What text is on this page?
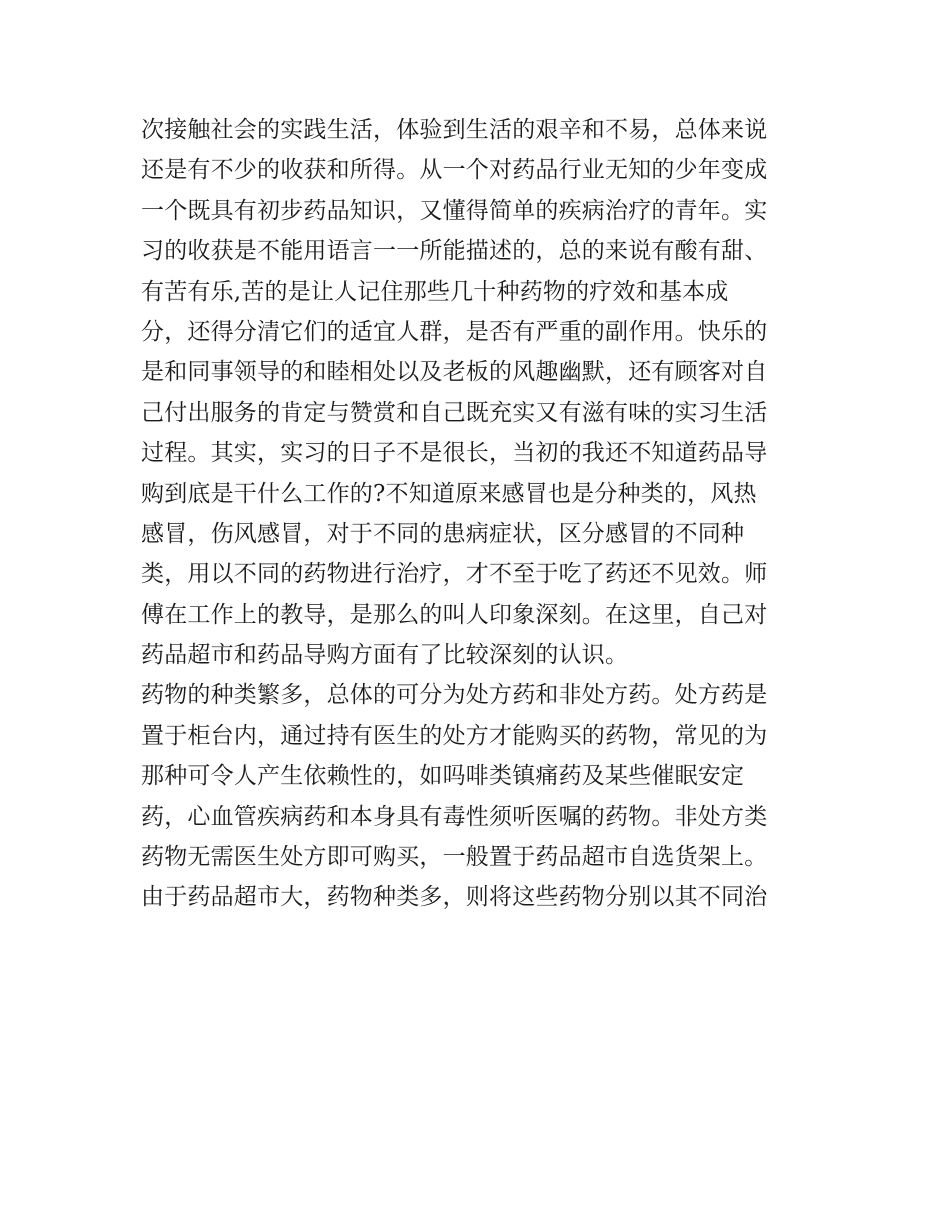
次接触社会的实践生活，体验到生活的艰辛和不易，总体来说
还是有不少的收获和所得。从一个对药品行业无知的少年变成
一个既具有初步药品知识，又懂得简单的疾病治疗的青年。实
习的收获是不能用语言一一所能描述的，总的来说有酸有甜、
有苦有乐,苦的是让人记住那些几十种药物的疗效和基本成
分，还得分清它们的适宜人群，是否有严重的副作用。快乐的
是和同事领导的和睦相处以及老板的风趣幽默，还有顾客对自
己付出服务的肯定与赞赏和自己既充实又有滋有味的实习生活
过程。其实，实习的日子不是很长，当初的我还不知道药品导
购到底是干什么工作的?不知道原来感冒也是分种类的，风热
感冒，伤风感冒，对于不同的患病症状，区分感冒的不同种
类，用以不同的药物进行治疗，才不至于吃了药还不见效。师
傅在工作上的教导，是那么的叫人印象深刻。在这里，自己对
药品超市和药品导购方面有了比较深刻的认识。
药物的种类繁多，总体的可分为处方药和非处方药。处方药是
置于柜台内，通过持有医生的处方才能购买的药物，常见的为
那种可令人产生依赖性的，如吗啡类镇痛药及某些催眠安定
药，心血管疾病药和本身具有毒性须听医嘱的药物。非处方类
药物无需医生处方即可购买，一般置于药品超市自选货架上。
由于药品超市大，药物种类多，则将这些药物分别以其不同治
